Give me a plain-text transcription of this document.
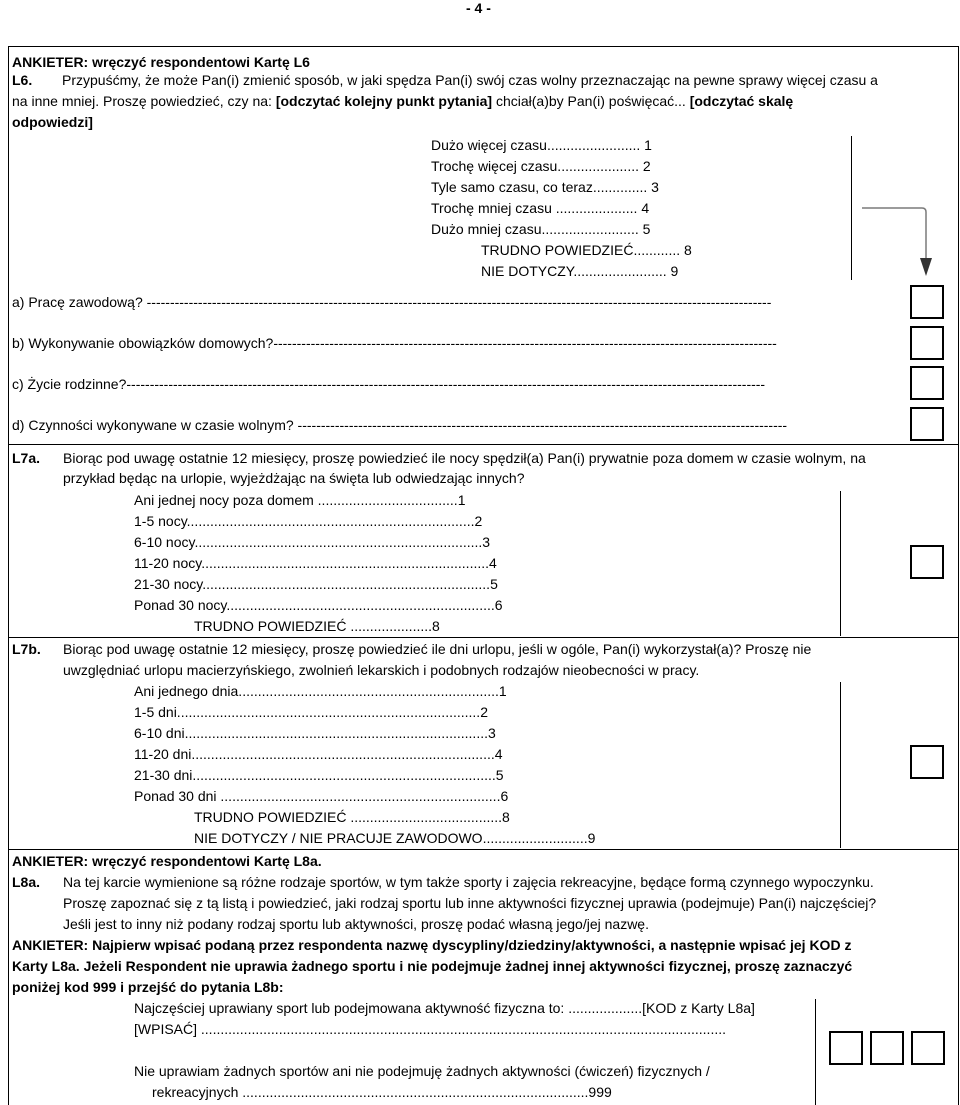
- 4 -
ANKIETER: wręczyć respondentowi Kartę L6
L6. Przypuśćmy, że może Pan(i) zmienić sposób, w jaki spędza Pan(i) swój czas wolny przeznaczając na pewne sprawy więcej czasu a
na inne mniej. Proszę powiedzieć, czy na: [odczytać kolejny punkt pytania] chciał(a)by Pan(i) poświęcać... [odczytać skalę
odpowiedzi]
Dużo więcej czasu........................ 1
Trochę więcej czasu..................... 2
Tyle samo czasu, co teraz.............. 3
Trochę mniej czasu ..................... 4
Dużo mniej czasu......................... 5
TRUDNO POWIEDZIEĆ............ 8
NIE DOTYCZY........................ 9
a) Pracę zawodową? --------------------------------------------------------------------------------------------------------------------------------------
b) Wykonywanie obowiązków domowych?------------------------------------------------------------------------------------------------------------
c) Życie rodzinne?-----------------------------------------------------------------------------------------------------------------------------------------
d) Czynności wykonywane w czasie wolnym? ---------------------------------------------------------------------------------------------------------
L7a. Biorąc pod uwagę ostatnie 12 miesięcy, proszę powiedzieć ile nocy spędził(a) Pan(i) prywatnie poza domem w czasie wolnym, na
przykład będąc na urlopie, wyjeżdżając na święta lub odwiedzając innych?
Ani jednej nocy poza domem ....................................1
1-5 nocy..........................................................................2
6-10 nocy..........................................................................3
11-20 nocy..........................................................................4
21-30 nocy..........................................................................5
Ponad 30 nocy.....................................................................6
TRUDNO POWIEDZIEĆ .....................8
L7b. Biorąc pod uwagę ostatnie 12 miesięcy, proszę powiedzieć ile dni urlopu, jeśli w ogóle, Pan(i) wykorzystał(a)? Proszę nie
uwzględniać urlopu macierzyńskiego, zwolnień lekarskich i podobnych rodzajów nieobecności w pracy.
Ani jednego dnia...................................................................1
1-5 dni..............................................................................2
6-10 dni..............................................................................3
11-20 dni..............................................................................4
21-30 dni..............................................................................5
Ponad 30 dni ........................................................................6
TRUDNO POWIEDZIEĆ .......................................8
NIE DOTYCZY / NIE PRACUJE ZAWODOWO...........................9
ANKIETER: wręczyć respondentowi Kartę L8a.
L8a. Na tej karcie wymienione są różne rodzaje sportów, w tym także sporty i zajęcia rekreacyjne, będące formą czynnego wypoczynku.
Proszę zapoznać się z tą listą i powiedzieć, jaki rodzaj sportu lub inne aktywności fizycznej uprawia (podejmuje) Pan(i) najczęściej?
Jeśli jest to inny niż podany rodzaj sportu lub aktywności, proszę podać własną jego/jej nazwę.
ANKIETER: Najpierw wpisać podaną przez respondenta nazwę dyscypliny/dziedziny/aktywności, a następnie wpisać jej KOD z
Karty L8a. Jeżeli Respondent nie uprawia żadnego sportu i nie podejmuje żadnej innej aktywności fizycznej, proszę zaznaczyć
poniżej kod 999 i przejść do pytania L8b:
Najczęściej uprawiany sport lub podejmowana aktywność fizyczna to: ...................[KOD z Karty L8a]
[WPISAĆ] .......................................................................................................................................
Nie uprawiam żadnych sportów ani nie podejmuję żadnych aktywności (ćwiczeń) fizycznych /
rekreacyjnych .........................................................................................999
